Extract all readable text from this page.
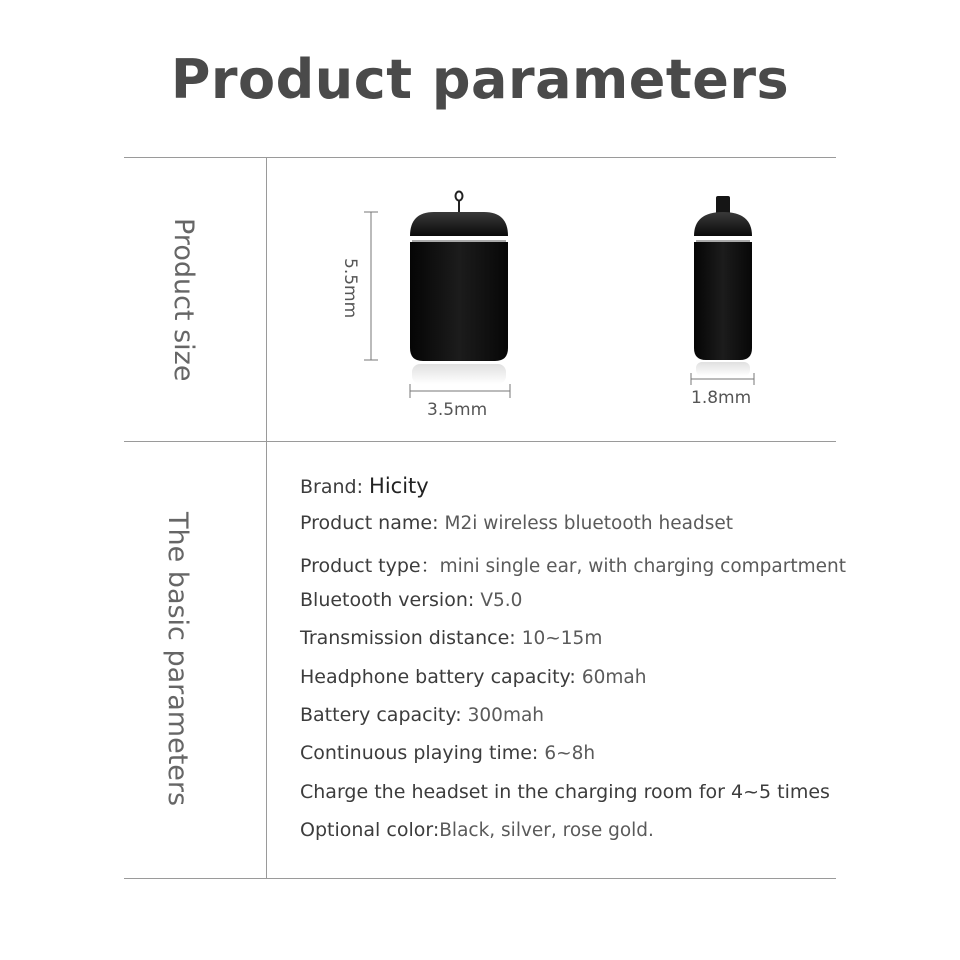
Product parameters
Product size
The basic parameters
5.5mm
3.5mm
1.8mm
Brand: Hicity
Product name: M2i wireless bluetooth headset
Product type：mini single ear, with charging compartment
Bluetooth version: V5.0
Transmission distance: 10~15m
Headphone battery capacity: 60mah
Battery capacity: 300mah
Continuous playing time: 6~8h
Charge the headset in the charging room for 4~5 times
Optional color:Black, silver, rose gold.
